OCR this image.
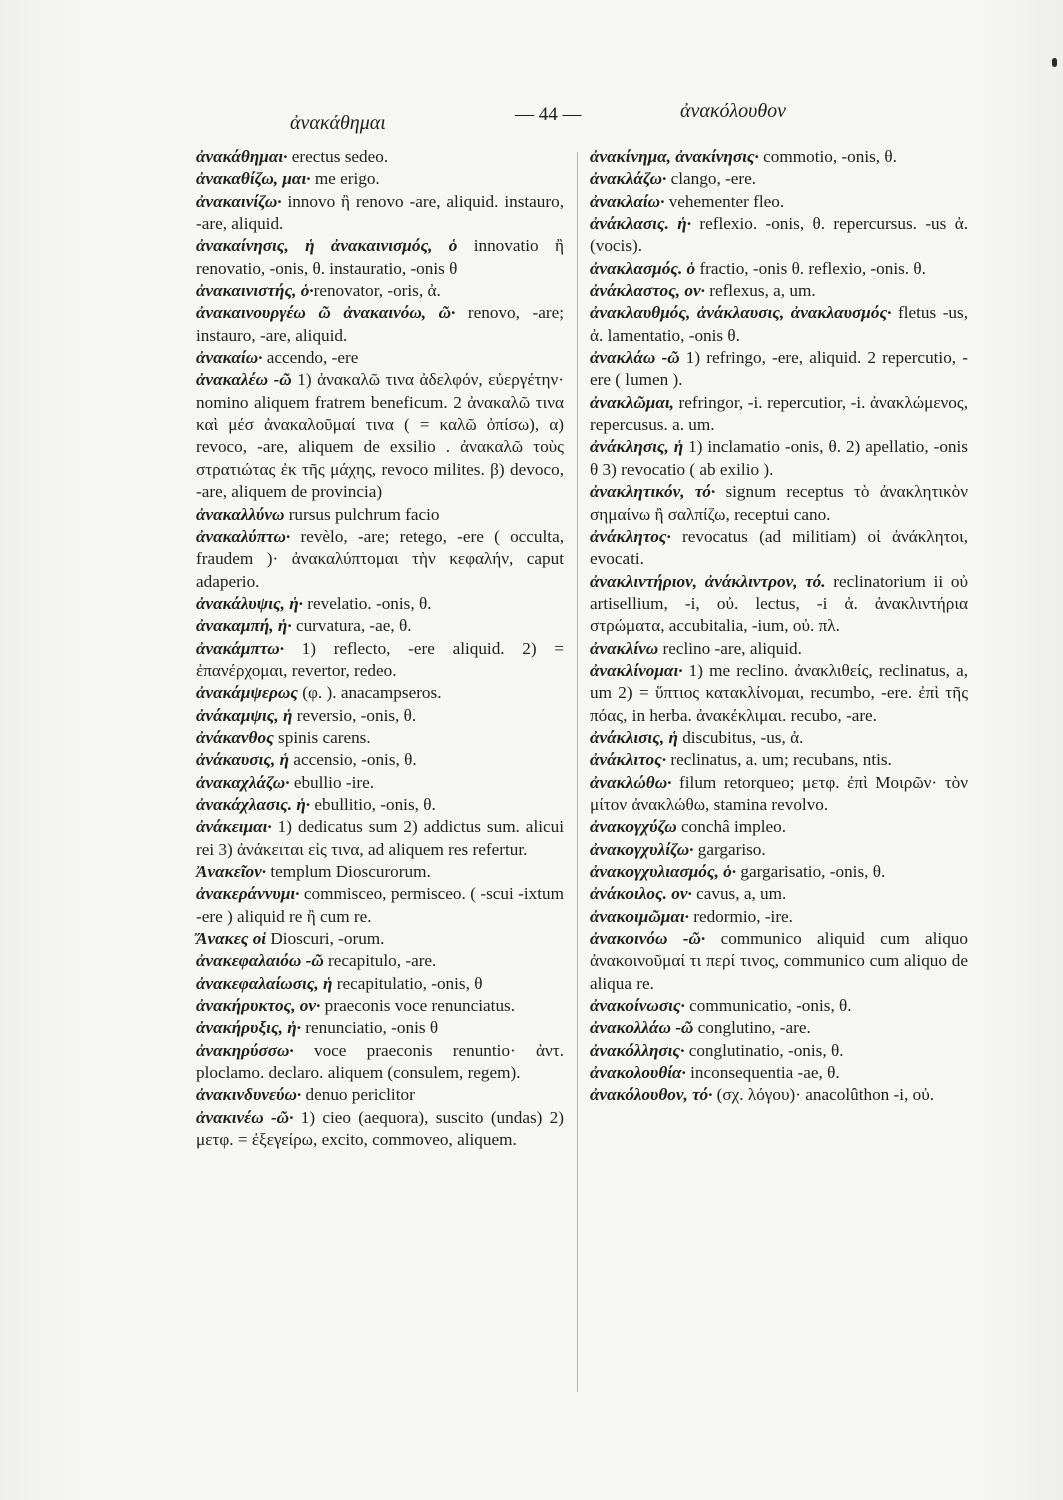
ἀνακάθημαι	— 44 —	ἀνακόλουθον

ἀνακάθημαι· erectus sedeo.

ἀνακαθίζω, μαι· me erigo.

ἀνακαινίζω· innovo ἢ renovo -are, aliquid. instauro, -are, aliquid.

ἀνακαίνησις, ἡ ἀνακαινισμός, ὁ innovatio ἢ renovatio, -onis, θ. instauratio, -onis θ

ἀνακαινιστής, ὁ·renovator, -oris, ἀ.

ἀνακαινουργέω ῶ ἀνακαινόω, ῶ· renovo, -are; instauro, -are, aliquid.

ἀνακαίω· accendo, -ere

ἀνακαλέω -ῶ 1) ἀνακαλῶ τινα ἀδελφόν, εὐεργέτην· nomino aliquem fratrem beneficum. 2 ἀνακαλῶ τινα καὶ μέσ ἀνακαλοῦμαί τινα ( = καλῶ ὀπίσω), α) revoco, -are, aliquem de exsilio . ἀνακαλῶ τοὺς στρατιώτας ἐκ τῆς μάχης, revoco milites. β) devoco, -are, aliquem de provincia)

ἀνακαλλύνω rursus pulchrum facio

ἀνακαλύπτω· revèlo, -are; retego, -ere ( occulta, fraudem )· ἀνακαλύπτομαι τὴν κεφαλήν, caput adaperio.

ἀνακάλυψις, ἡ· revelatio. -onis, θ.

ἀνακαμπή, ἡ· curvatura, -ae, θ.

ἀνακάμπτω· 1) reflecto, -ere aliquid. 2) = ἐπανέρχομαι, revertor, redeo.

ἀνακάμψερως (φ. ). anacampseros.

ἀνάκαμψις, ἡ reversio, -onis, θ.

ἀνάκανθος spinis carens.

ἀνάκαυσις, ἡ accensio, -onis, θ.

ἀνακαχλάζω· ebullio -ire.

ἀνακάχλασις. ἡ· ebullitio, -onis, θ.

ἀνάκειμαι· 1) dedicatus sum 2) addictus sum. alicui rei 3) ἀνάκειται εἰς τινα, ad aliquem res refertur.

Ἀνακεῖον· templum Dioscurorum.

ἀνακεράννυμι· commisceo, permisceo. ( -scui -ixtum -ere ) aliquid re ἢ cum re.

Ἄνακες οἱ Dioscuri, -orum.

ἀνακεφαλαιόω -ῶ recapitulo, -are.

ἀνακεφαλαίωσις, ἡ recapitulatio, -onis, θ

ἀνακήρυκτος, ον· praeconis voce renunciatus.

ἀνακήρυξις, ἡ· renunciatio, -onis θ

ἀνακηρύσσω· voce praeconis renuntio· ἀντ. ploclamo. declaro. aliquem (consulem, regem).

ἀνακινδυνεύω· denuo periclitor

ἀνακινέω -ῶ· 1) cieo (aequora), suscito (undas) 2) μετφ. = ἐξεγείρω, excito, commoveo, aliquem.

ἀνακίνημα, ἀνακίνησις· commotio, -onis, θ.

ἀνακλάζω· clango, -ere.

ἀνακλαίω· vehementer fleo.

ἀνάκλασις. ἡ· reflexio. -onis, θ. repercursus. -us ἀ. (vocis).

ἀνακλασμός. ὁ fractio, -onis θ. reflexio, -onis. θ.

ἀνάκλαστος, ον· reflexus, a, um.

ἀνακλαυθμός, ἀνάκλαυσις, ἀνακλαυσμός· fletus -us, ἀ. lamentatio, -onis θ.

ἀνακλάω -ῶ 1) refringo, -ere, aliquid. 2 repercutio, -ere ( lumen ).

ἀνακλῶμαι, refringor, -i. repercutior, -i. ἀνακλώμενος, repercusus. a. um.

ἀνάκλησις, ἡ 1) inclamatio -onis, θ. 2) apellatio, -onis θ 3) revocatio ( ab exilio ).

ἀνακλητικόν, τό· signum receptus τὸ ἀνακλητικὸν σημαίνω ἢ σαλπίζω, receptui cano.

ἀνάκλητος· revocatus (ad militiam) οἱ ἀνάκλητοι, evocati.

ἀνακλιντήριον, ἀνάκλιντρον, τό. reclinatorium ii οὐ artisellium, -i, οὐ. lectus, -i ἀ. ἀνακλιντήρια στρώματα, accubitalia, -ium, οὐ. πλ.

ἀνακλίνω reclino -are, aliquid.

ἀνακλίνομαι· 1) me reclino. ἀνακλιθείς, reclinatus, a, um 2) = ὕπτιος κατακλίνομαι, recumbo, -ere. ἐπὶ τῆς πόας, in herba. ἀνακέκλιμαι. recubo, -are.

ἀνάκλισις, ἡ discubitus, -us, ἀ.

ἀνάκλιτος· reclinatus, a. um; recubans, ntis.

ἀνακλώθω· filum retorqueo; μετφ. ἐπὶ Μοιρῶν· τὸν μίτον ἀνακλώθω, stamina revolvo.

ἀνακογχύζω conchâ impleo.

ἀνακογχυλίζω· gargariso.

ἀνακογχυλιασμός, ὁ· gargarisatio, -onis, θ.

ἀνάκοιλος. ον· cavus, a, um.

ἀνακοιμῶμαι· redormio, -ire.

ἀνακοινόω -ῶ· communico aliquid cum aliquo ἀνακοινοῦμαί τι περί τινος, communico cum aliquo de aliqua re.

ἀνακοίνωσις· communicatio, -onis, θ.

ἀνακολλάω -ῶ conglutino, -are.

ἀνακόλλησις· conglutinatio, -onis, θ.

ἀνακολουθία· inconsequentia -ae, θ.

ἀνακόλουθον, τό· (σχ. λόγου)· anacolûthon -i, οὐ.
